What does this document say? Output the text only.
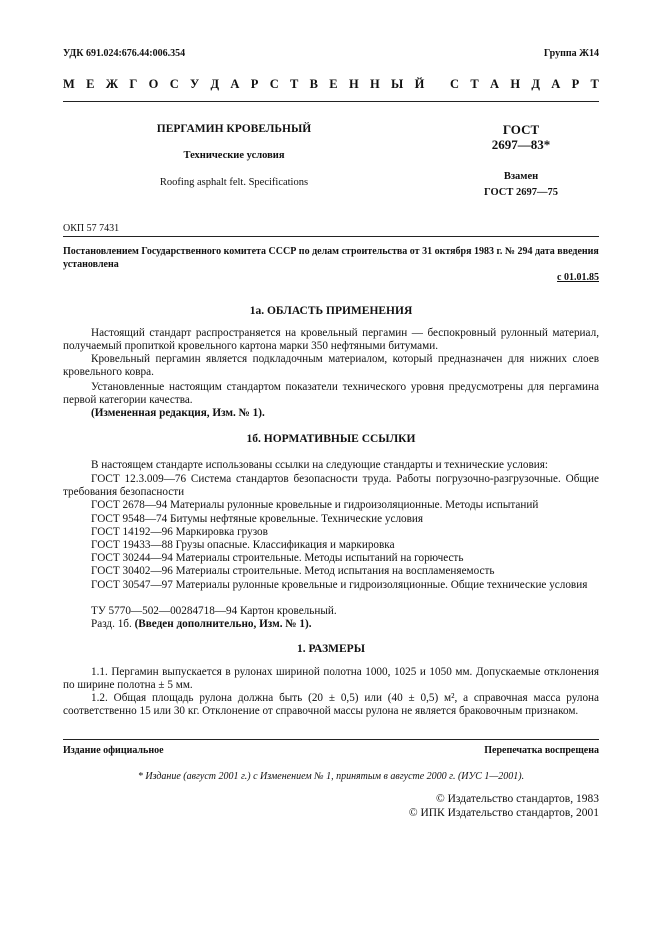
УДК 691.024:676.44:006.354	Группа Ж14
М Е Ж Г О С У Д А Р С Т В Е Н Н Ы Й
С Т А Н Д А Р Т
ПЕРГАМИН КРОВЕЛЬНЫЙ
Технические условия
Roofing asphalt felt. Specifications
ГОСТ
2697—83*
Взамен
ГОСТ 2697—75
ОКП 57 7431
Постановлением Государственного комитета СССР по делам строительства от 31 октября 1983 г. № 294 дата введения установлена
с 01.01.85
1а. ОБЛАСТЬ ПРИМЕНЕНИЯ
Настоящий стандарт распространяется на кровельный пергамин — беспокровный рулонный материал, получаемый пропиткой кровельного картона марки 350 нефтяными битумами.
Кровельный пергамин является подкладочным материалом, который предназначен для нижних слоев кровельного ковра.
Установленные настоящим стандартом показатели технического уровня предусмотрены для пергамина первой категории качества.
(Измененная редакция, Изм. № 1).
1б. НОРМАТИВНЫЕ ССЫЛКИ
В настоящем стандарте использованы ссылки на следующие стандарты и технические условия:
ГОСТ 12.3.009—76 Система стандартов безопасности труда. Работы погрузочно-разгрузочные. Общие требования безопасности
ГОСТ 2678—94 Материалы рулонные кровельные и гидроизоляционные. Методы испытаний
ГОСТ 9548—74 Битумы нефтяные кровельные. Технические условия
ГОСТ 14192—96 Маркировка грузов
ГОСТ 19433—88 Грузы опасные. Классификация и маркировка
ГОСТ 30244—94 Материалы строительные. Методы испытаний на горючесть
ГОСТ 30402—96 Материалы строительные. Метод испытания на воспламеняемость
ГОСТ 30547—97 Материалы рулонные кровельные и гидроизоляционные. Общие технические условия
ТУ 5770—502—00284718—94 Картон кровельный.
Разд. 1б. (Введен дополнительно, Изм. № 1).
1. РАЗМЕРЫ
1.1. Пергамин выпускается в рулонах шириной полотна 1000, 1025 и 1050 мм. Допускаемые отклонения по ширине полотна ± 5 мм.
1.2. Общая площадь рулона должна быть (20 ± 0,5) или (40 ± 0,5) м², а справочная масса рулона соответственно 15 или 30 кг. Отклонение от справочной массы рулона не является браковочным признаком.
Издание официальное	Перепечатка воспрещена
* Издание (август 2001 г.) с Изменением № 1, принятым в августе 2000 г. (ИУС 1—2001).
© Издательство стандартов, 1983
© ИПК Издательство стандартов, 2001
